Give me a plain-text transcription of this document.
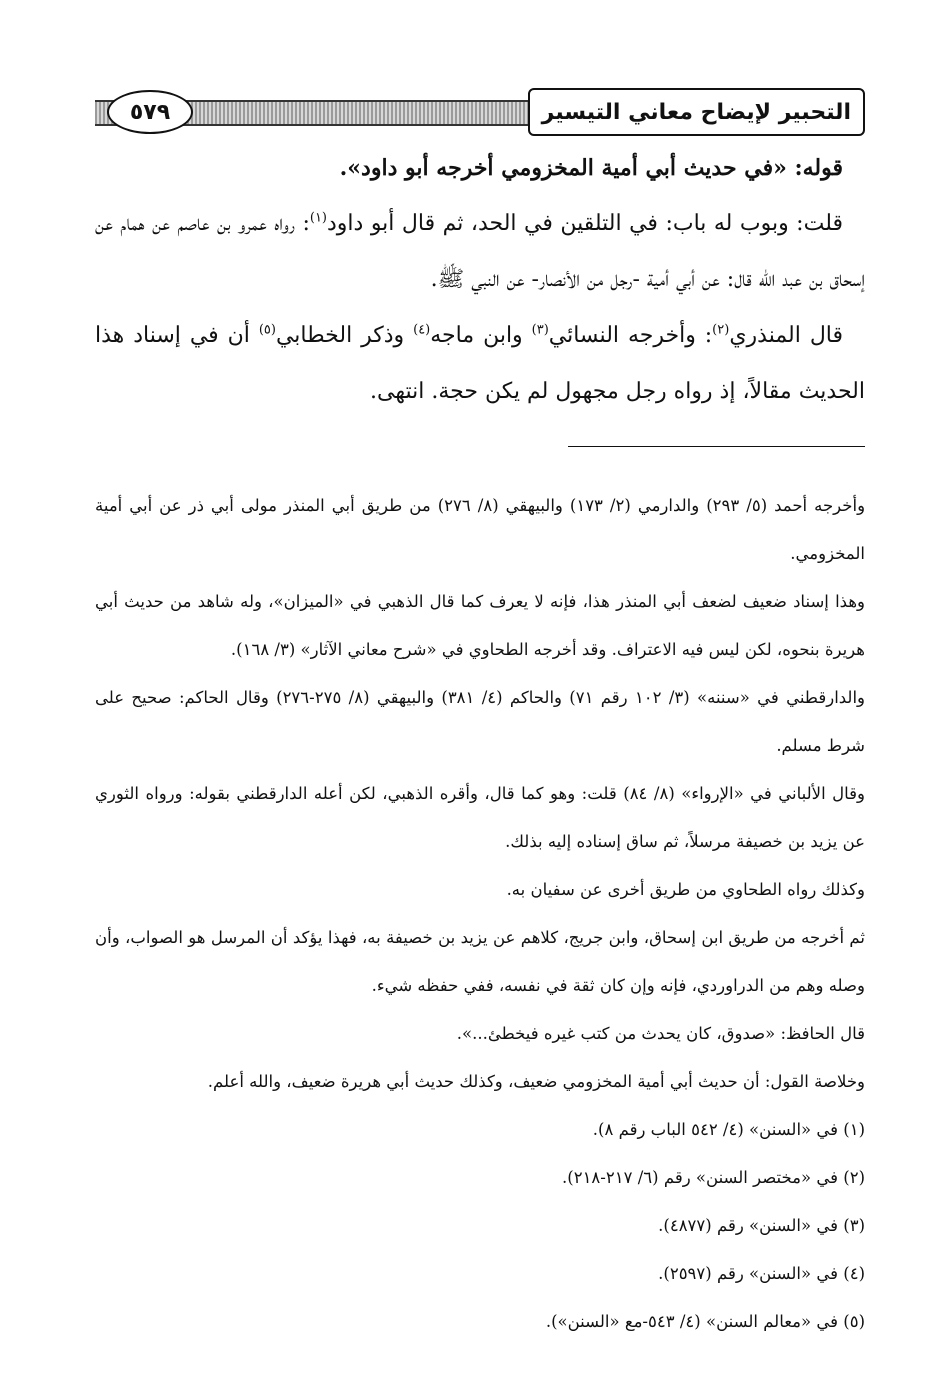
٥٧٩	التحبير لإيضاح معاني التيسير

قوله: «في حديث أبي أمية المخزومي أخرجه أبو داود».

قلت: وبوب له باب: في التلقين في الحد، ثم قال أبو داود$^{(١)}$: رواه عمرو بن عاصم عن همام عن إسحاق بن عبد الله قال: عن أبي أمية -رجل من الأنصار- عن النبي ﷺ.

قال المنذري$^{(٢)}$: وأخرجه النسائي$^{(٣)}$ وابن ماجه$^{(٤)}$ وذكر الخطابي$^{(٥)}$ أن في إسناد هذا الحديث مقالاً، إذ رواه رجل مجهول لم يكن حجة. انتهى.

وأخرجه أحمد (٥/ ٢٩٣) والدارمي (٢/ ١٧٣) والبيهقي (٨/ ٢٧٦) من طريق أبي المنذر مولى أبي ذر عن أبي أمية المخزومي.

وهذا إسناد ضعيف لضعف أبي المنذر هذا، فإنه لا يعرف كما قال الذهبي في «الميزان»، وله شاهد من حديث أبي هريرة بنحوه، لكن ليس فيه الاعتراف. وقد أخرجه الطحاوي في «شرح معاني الآثار» (٣/ ١٦٨).

والدارقطني في «سننه» (٣/ ١٠٢ رقم ٧١) والحاكم (٤/ ٣٨١) والبيهقي (٨/ ٢٧٥-٢٧٦) وقال الحاكم: صحيح على شرط مسلم.

وقال الألباني في «الإرواء» (٨/ ٨٤) قلت: وهو كما قال، وأقره الذهبي، لكن أعله الدارقطني بقوله: ورواه الثوري عن يزيد بن خصيفة مرسلاً، ثم ساق إسناده إليه بذلك.

وكذلك رواه الطحاوي من طريق أخرى عن سفيان به.

ثم أخرجه من طريق ابن إسحاق، وابن جريج، كلاهم عن يزيد بن خصيفة به، فهذا يؤكد أن المرسل هو الصواب، وأن وصله وهم من الدراوردي، فإنه وإن كان ثقة في نفسه، ففي حفظه شيء.

قال الحافظ: «صدوق، كان يحدث من كتب غيره فيخطئ...».

وخلاصة القول: أن حديث أبي أمية المخزومي ضعيف، وكذلك حديث أبي هريرة ضعيف، والله أعلم.

(١) في «السنن» (٤/ ٥٤٢ الباب رقم ٨).

(٢) في «مختصر السنن» رقم (٦/ ٢١٧-٢١٨).

(٣) في «السنن» رقم (٤٨٧٧).

(٤) في «السنن» رقم (٢٥٩٧).

(٥) في «معالم السنن» (٤/ ٥٤٣-مع «السنن»).
